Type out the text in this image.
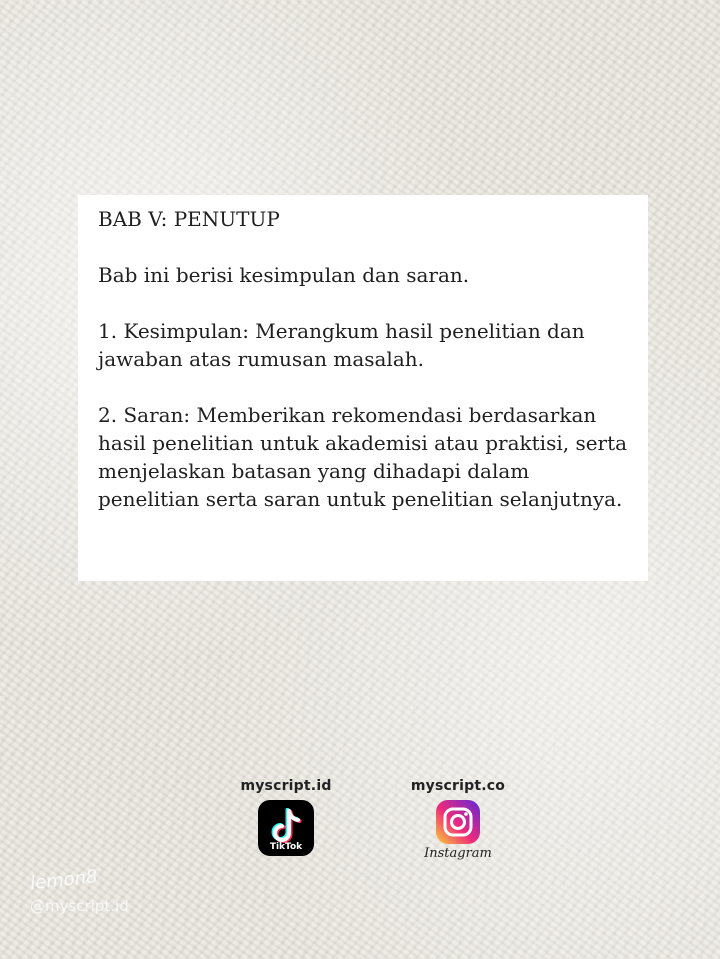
BAB V: PENUTUP

Bab ini berisi kesimpulan dan saran.

1. Kesimpulan: Merangkum hasil penelitian dan jawaban atas rumusan masalah.

2. Saran: Memberikan rekomendasi berdasarkan hasil penelitian untuk akademisi atau praktisi, serta menjelaskan batasan yang dihadapi dalam penelitian serta saran untuk penelitian selanjutnya.

myscript.id
TikTok
myscript.co
Instagram
lemon8
@myscript.id
